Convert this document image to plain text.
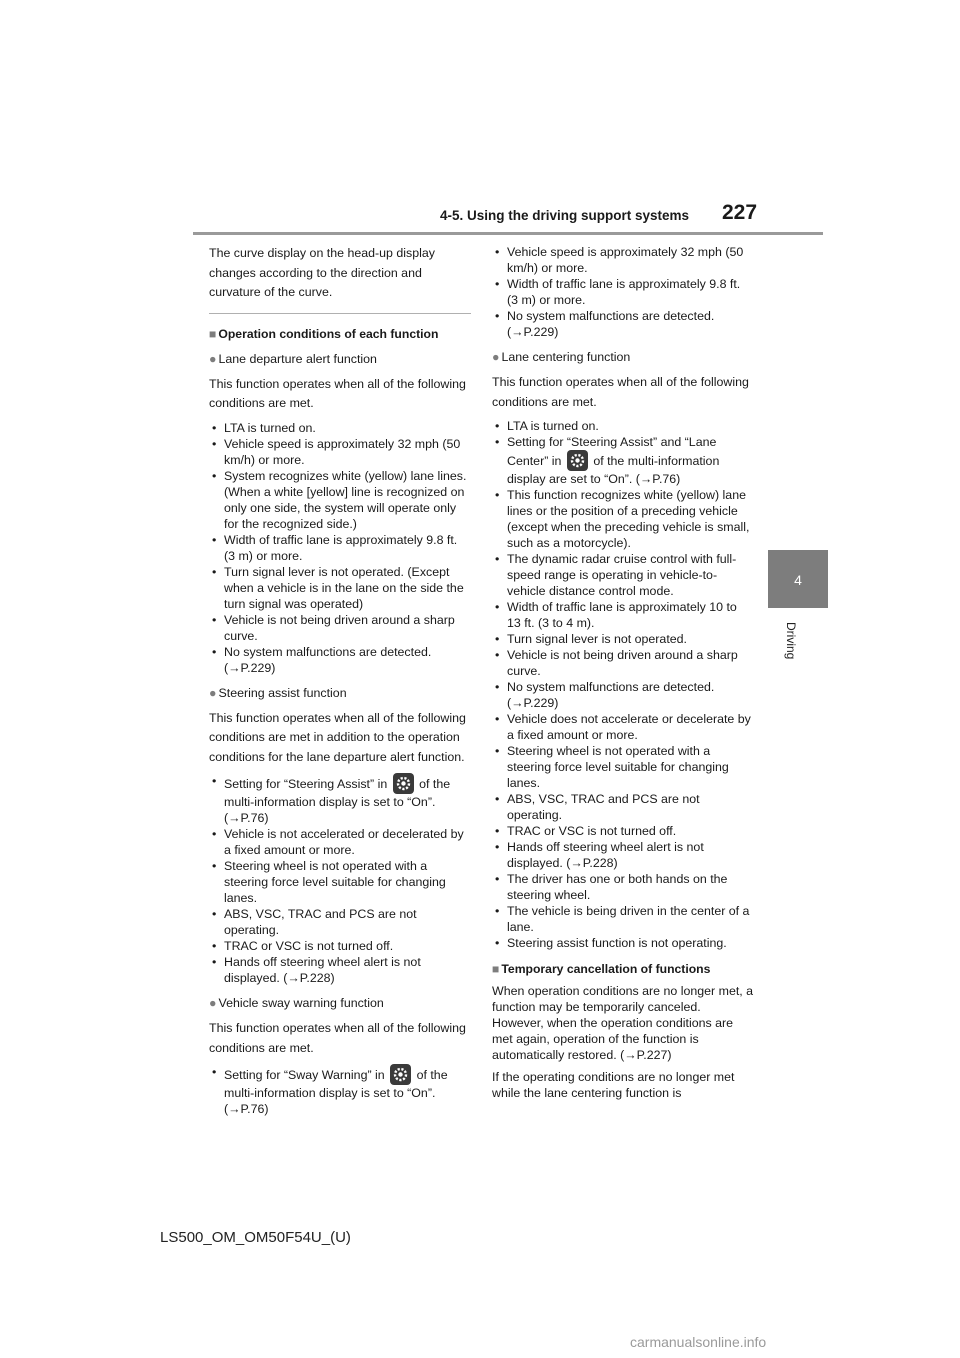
4-5. Using the driving support systems 227
4
Driving

The curve display on the head-up display changes according to the direction and curvature of the curve.

■ Operation conditions of each function
● Lane departure alert function

This function operates when all of the following conditions are met.

• LTA is turned on.
• Vehicle speed is approximately 32 mph (50 km/h) or more.
• System recognizes white (yellow) lane lines. (When a white [yellow] line is recognized on only one side, the system will operate only for the recognized side.)
• Width of traffic lane is approximately 9.8 ft. (3 m) or more.
• Turn signal lever is not operated. (Except when a vehicle is in the lane on the side the turn signal was operated)
• Vehicle is not being driven around a sharp curve.
• No system malfunctions are detected. (→P.229)
● Steering assist function

This function operates when all of the following conditions are met in addition to the operation conditions for the lane departure alert function.

• Setting for “Steering Assist” in	of the multi-information display is set to “On”. (→P.76)
• Vehicle is not accelerated or decelerated by a fixed amount or more.
• Steering wheel is not operated with a steering force level suitable for changing lanes.
• ABS, VSC, TRAC and PCS are not operating.
• TRAC or VSC is not turned off.
• Hands off steering wheel alert is not displayed. (→P.228)
● Vehicle sway warning function

This function operates when all of the following conditions are met.

• Setting for “Sway Warning” in	of the multi-information display is set to “On”. (→P.76)
• Vehicle speed is approximately 32 mph (50 km/h) or more.
• Width of traffic lane is approximately 9.8 ft. (3 m) or more.
• No system malfunctions are detected. (→P.229)
● Lane centering function

This function operates when all of the following conditions are met.

• LTA is turned on.
• Setting for “Steering Assist” and “Lane Center” in	of the multi-information display are set to “On”. (→P.76)
• This function recognizes white (yellow) lane lines or the position of a preceding vehicle (except when the preceding vehicle is small, such as a motorcycle).
• The dynamic radar cruise control with full-speed range is operating in vehicle-to-vehicle distance control mode.
• Width of traffic lane is approximately 10 to 13 ft. (3 to 4 m).
• Turn signal lever is not operated.
• Vehicle is not being driven around a sharp curve.
• No system malfunctions are detected. (→P.229)
• Vehicle does not accelerate or decelerate by a fixed amount or more.
• Steering wheel is not operated with a steering force level suitable for changing lanes.
• ABS, VSC, TRAC and PCS are not operating.
• TRAC or VSC is not turned off.
• Hands off steering wheel alert is not displayed. (→P.228)
• The driver has one or both hands on the steering wheel.
• The vehicle is being driven in the center of a lane.
• Steering assist function is not operating.
■ Temporary cancellation of functions

When operation conditions are no longer met, a function may be temporarily canceled. However, when the operation conditions are met again, operation of the function is automatically restored. (→P.227)

If the operating conditions are no longer met while the lane centering function is

LS500_OM_OM50F54U_(U)
carmanualsonline.info
